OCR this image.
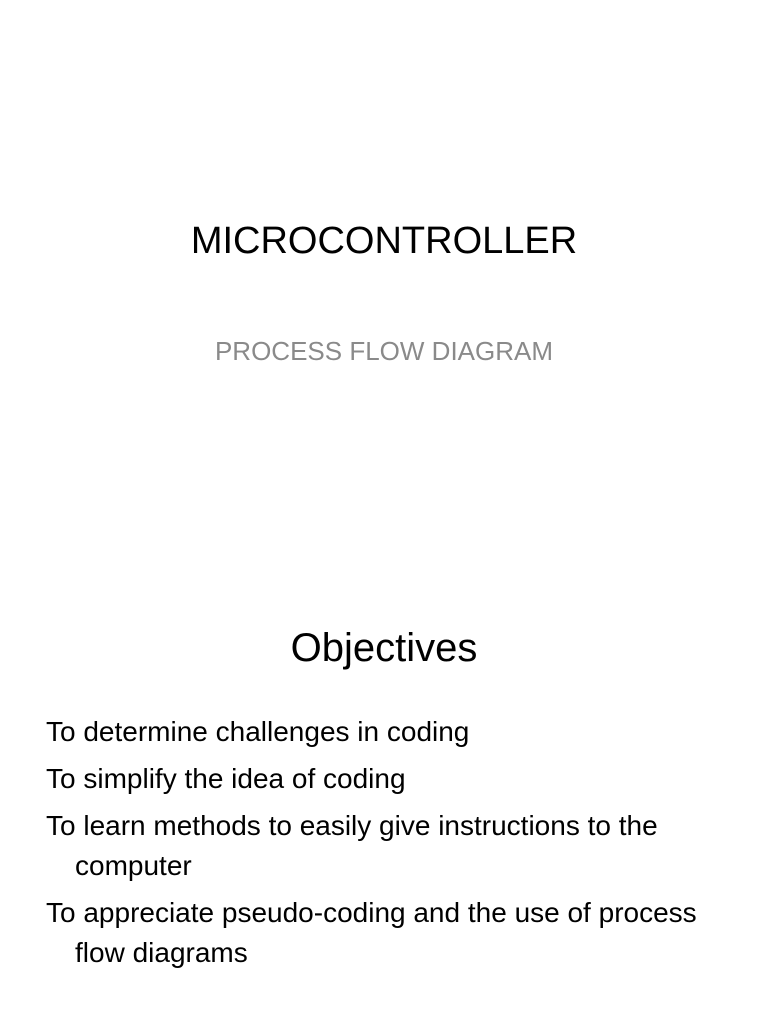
MICROCONTROLLER
PROCESS FLOW DIAGRAM
Objectives
To determine challenges in coding
To simplify the idea of coding
To learn methods to easily give instructions to the computer
To appreciate pseudo-coding and the use of process flow diagrams
